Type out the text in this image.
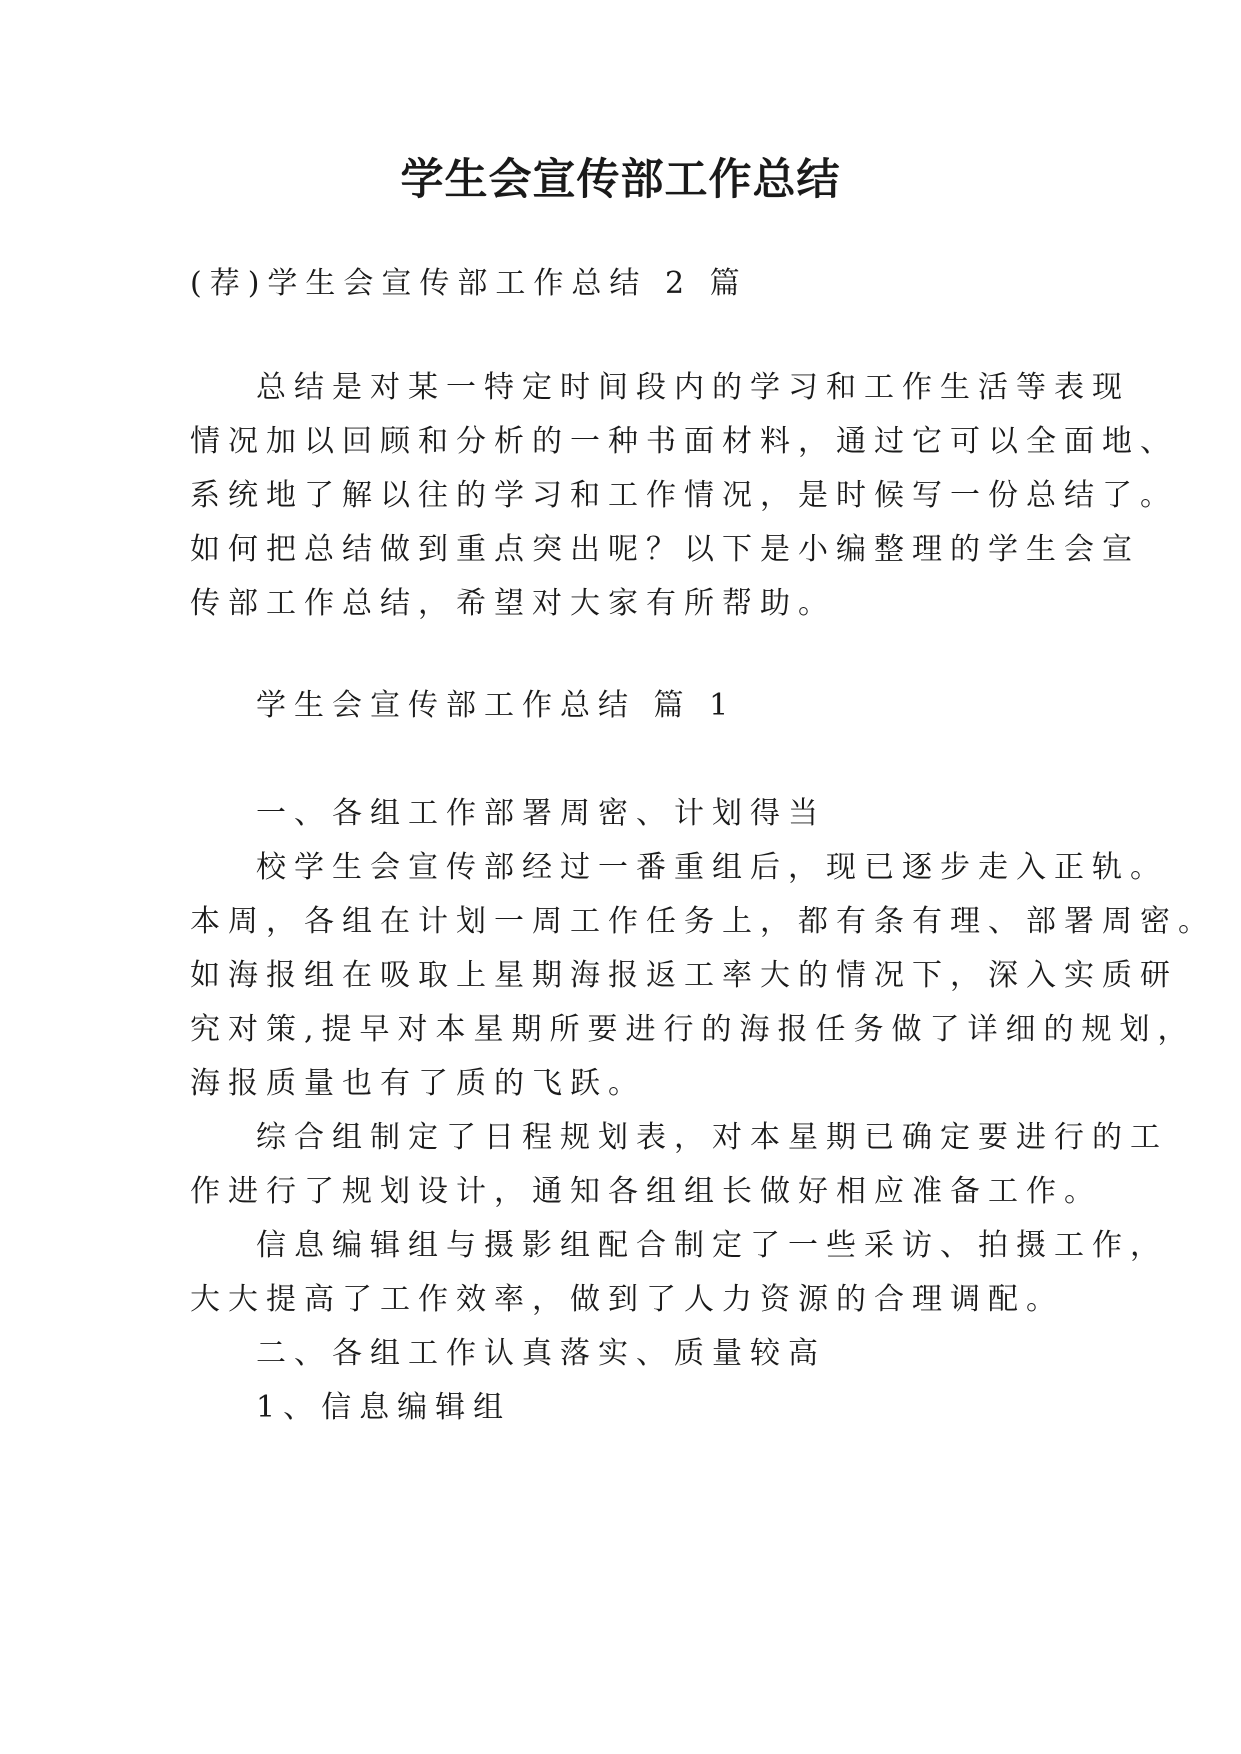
学生会宣传部工作总结

(荐)学生会宣传部工作总结 2 篇

总结是对某一特定时间段内的学习和工作生活等表现

情况加以回顾和分析的一种书面材料，通过它可以全面地、

系统地了解以往的学习和工作情况，是时候写一份总结了。

如何把总结做到重点突出呢？以下是小编整理的学生会宣

传部工作总结，希望对大家有所帮助。

学生会宣传部工作总结 篇 1

一、各组工作部署周密、计划得当

校学生会宣传部经过一番重组后，现已逐步走入正轨。

本周，各组在计划一周工作任务上，都有条有理、部署周密。

如海报组在吸取上星期海报返工率大的情况下，深入实质研

究对策,提早对本星期所要进行的海报任务做了详细的规划，

海报质量也有了质的飞跃。

综合组制定了日程规划表，对本星期已确定要进行的工

作进行了规划设计，通知各组组长做好相应准备工作。

信息编辑组与摄影组配合制定了一些采访、拍摄工作，

大大提高了工作效率，做到了人力资源的合理调配。

二、各组工作认真落实、质量较高

1、信息编辑组
